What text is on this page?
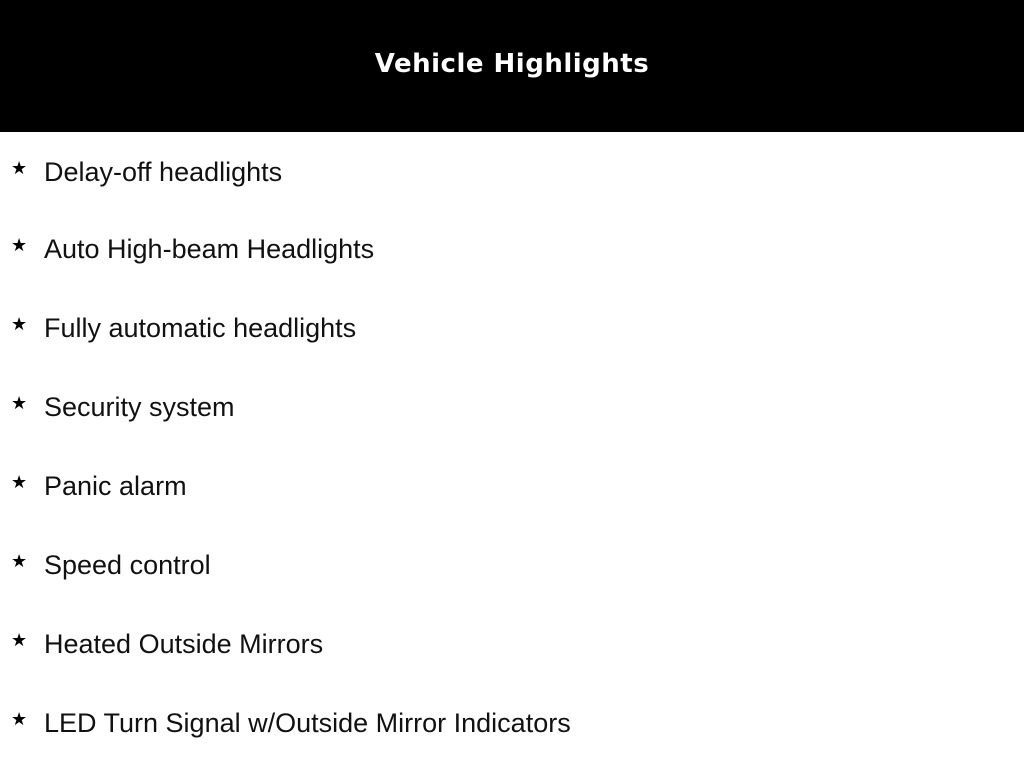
Vehicle Highlights
★ Delay-off headlights
★ Auto High-beam Headlights
★ Fully automatic headlights
★ Security system
★ Panic alarm
★ Speed control
★ Heated Outside Mirrors
★ LED Turn Signal w/Outside Mirror Indicators
